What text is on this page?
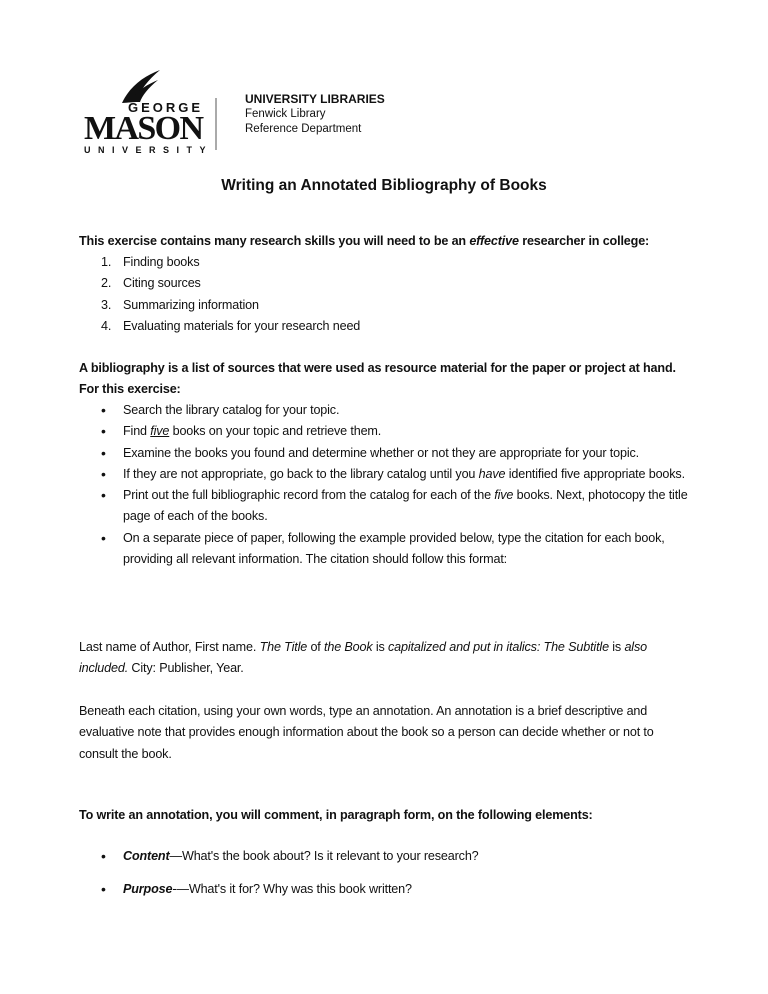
GEORGE
MASON
UNIVERSITY
UNIVERSITY LIBRARIES
Fenwick Library
Reference Department
Writing an Annotated Bibliography of Books
This exercise contains many research skills you will need to be an effective researcher in college:
1. Finding books
2. Citing sources
3. Summarizing information
4. Evaluating materials for your research need
A bibliography is a list of sources that were used as resource material for the paper or project at hand. For this exercise:
• Search the library catalog for your topic.
• Find five books on your topic and retrieve them.
• Examine the books you found and determine whether or not they are appropriate for your topic.
• If they are not appropriate, go back to the library catalog until you have identified five appropriate books.
• Print out the full bibliographic record from the catalog for each of the five books. Next, photocopy the title page of each of the books.
• On a separate piece of paper, following the example provided below, type the citation for each book, providing all relevant information. The citation should follow this format:
Last name of Author, First name. The Title of the Book is capitalized and put in italics: The Subtitle is also included. City: Publisher, Year.
Beneath each citation, using your own words, type an annotation. An annotation is a brief descriptive and evaluative note that provides enough information about the book so a person can decide whether or not to consult the book.
To write an annotation, you will comment, in paragraph form, on the following elements:
• Content—What's the book about? Is it relevant to your research?
• Purpose-—What's it for? Why was this book written?
